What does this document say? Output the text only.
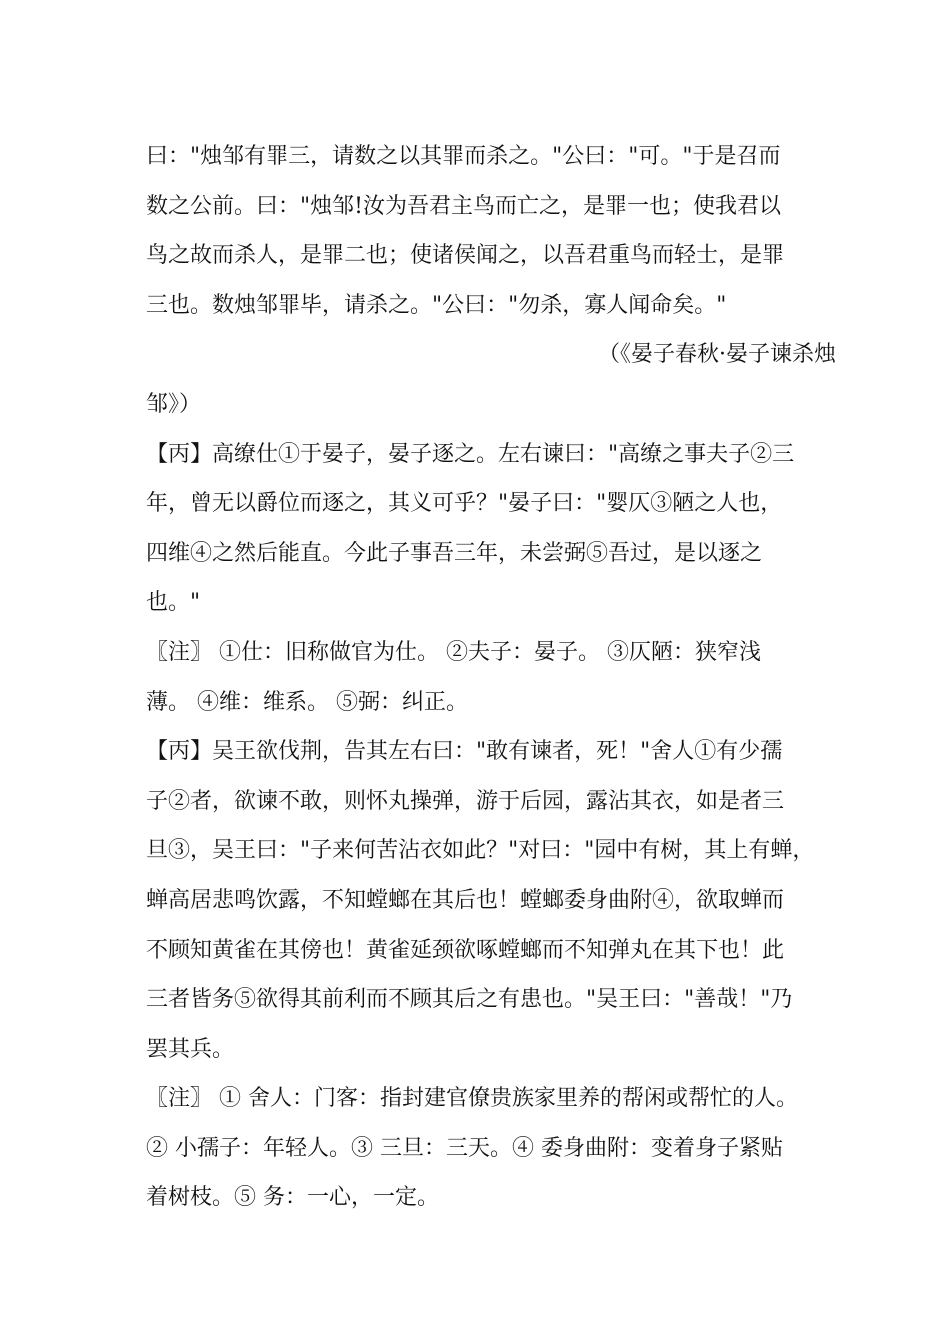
曰："烛邹有罪三，请数之以其罪而杀之。"公曰："可。"于是召而
数之公前。曰："烛邹!汝为吾君主鸟而亡之，是罪一也；使我君以
鸟之故而杀人，是罪二也；使诸侯闻之，以吾君重鸟而轻士，是罪
三也。数烛邹罪毕，请杀之。"公曰："勿杀，寡人闻命矣。"
（《晏子春秋·晏子谏杀烛
邹》）
【丙】高缭仕①于晏子，晏子逐之。左右谏曰："高缭之事夫子②三
年，曾无以爵位而逐之，其义可乎？"晏子曰："婴仄③陋之人也，
四维④之然后能直。今此子事吾三年，未尝弼⑤吾过，是以逐之
也。"
〖注〗 ①仕：旧称做官为仕。 ②夫子：晏子。 ③仄陋：狭窄浅
薄。 ④维：维系。 ⑤弼：纠正。
【丙】吴王欲伐荆，告其左右曰："敢有谏者，死！"舍人①有少孺
子②者，欲谏不敢，则怀丸操弹，游于后园，露沾其衣，如是者三
旦③，吴王曰："子来何苦沾衣如此？"对曰："园中有树，其上有蝉，
蝉高居悲鸣饮露，不知螳螂在其后也！螳螂委身曲附④，欲取蝉而
不顾知黄雀在其傍也！黄雀延颈欲啄螳螂而不知弹丸在其下也！此
三者皆务⑤欲得其前利而不顾其后之有患也。"吴王曰："善哉！"乃
罢其兵。
〖注〗 ① 舍人：门客：指封建官僚贵族家里养的帮闲或帮忙的人。
② 小孺子：年轻人。③ 三旦：三天。④ 委身曲附：变着身子紧贴
着树枝。⑤ 务：一心，一定。
